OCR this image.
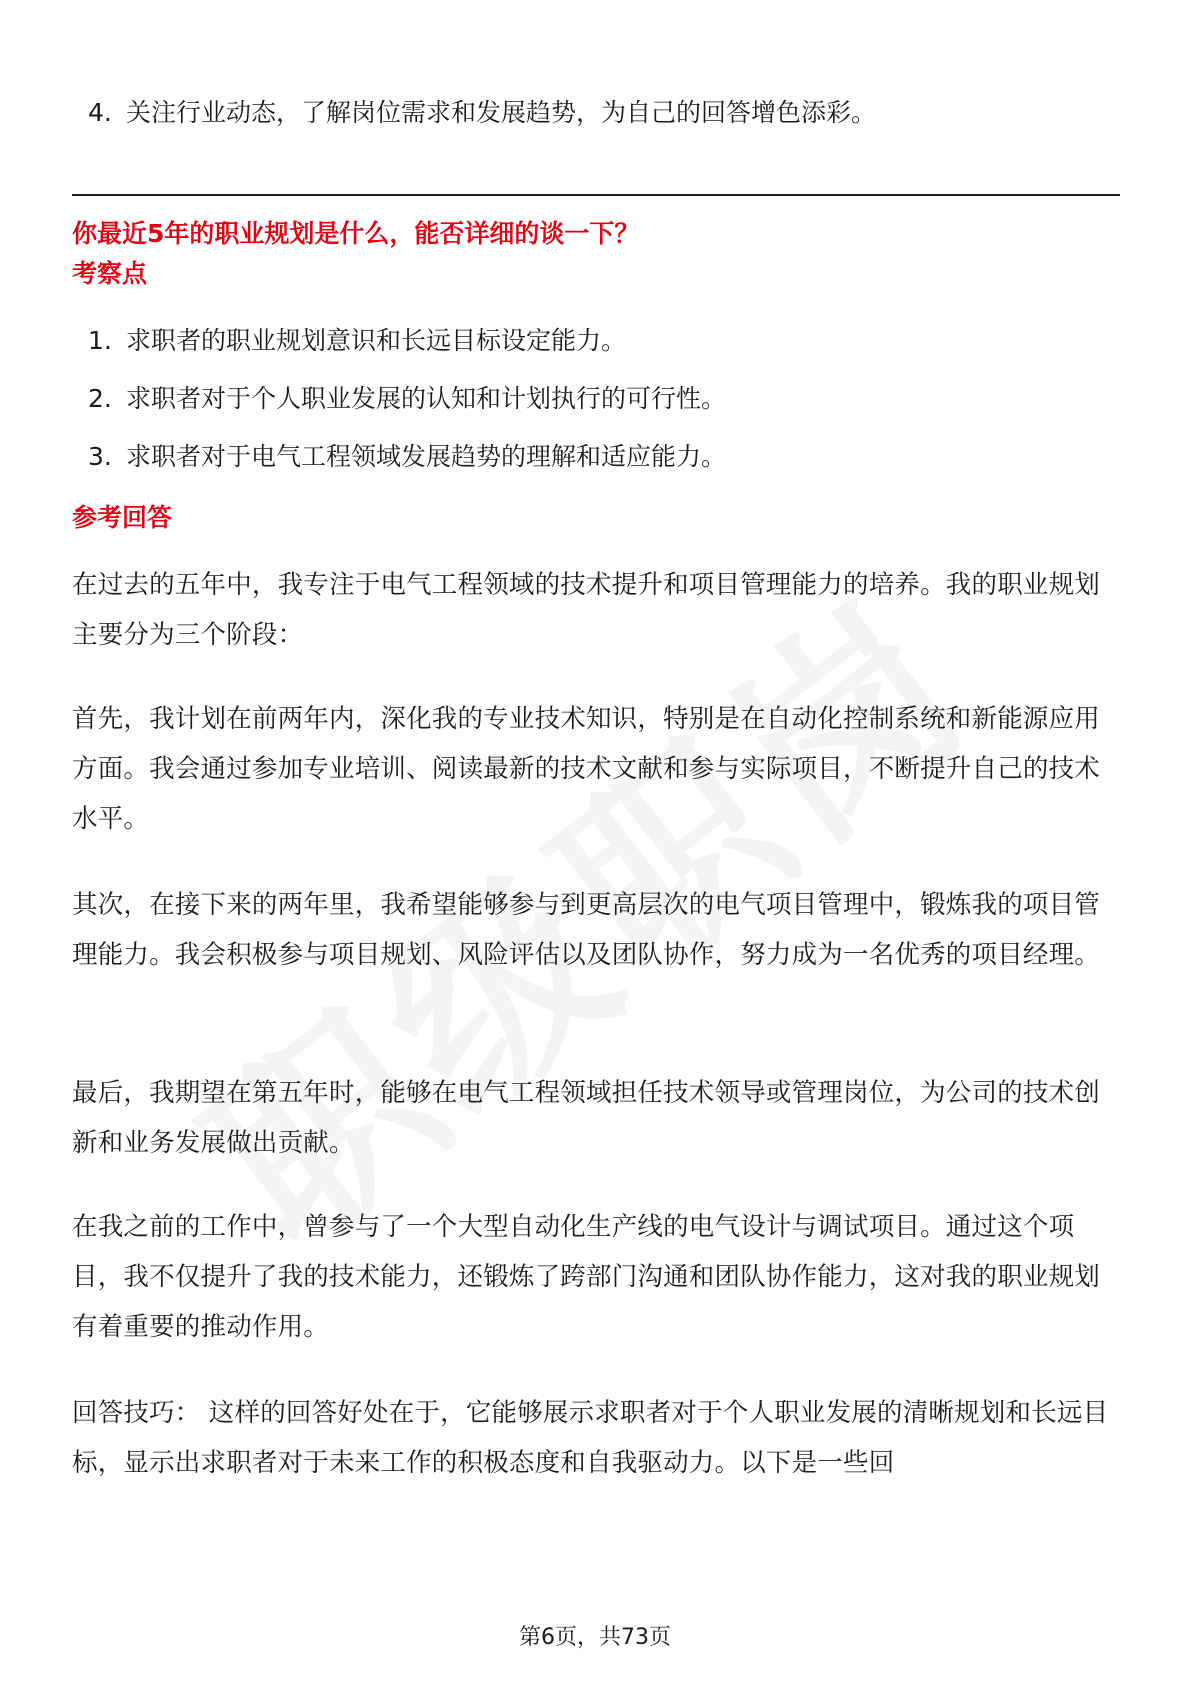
4. 关注行业动态，了解岗位需求和发展趋势，为自己的回答增色添彩。
你最近5年的职业规划是什么，能否详细的谈一下？
考察点
1. 求职者的职业规划意识和长远目标设定能力。
2. 求职者对于个人职业发展的认知和计划执行的可行性。
3. 求职者对于电气工程领域发展趋势的理解和适应能力。
参考回答

在过去的五年中，我专注于电气工程领域的技术提升和项目管理能力的培养。我的职业规划主要分为三个阶段：

首先，我计划在前两年内，深化我的专业技术知识，特别是在自动化控制系统和新能源应用方面。我会通过参加专业培训、阅读最新的技术文献和参与实际项目，不断提升自己的技术水平。

其次，在接下来的两年里，我希望能够参与到更高层次的电气项目管理中，锻炼我的项目管理能力。我会积极参与项目规划、风险评估以及团队协作，努力成为一名优秀的项目经理。

最后，我期望在第五年时，能够在电气工程领域担任技术领导或管理岗位，为公司的技术创新和业务发展做出贡献。

在我之前的工作中，曾参与了一个大型自动化生产线的电气设计与调试项目。通过这个项目，我不仅提升了我的技术能力，还锻炼了跨部门沟通和团队协作能力，这对我的职业规划有着重要的推动作用。

回答技巧： 这样的回答好处在于，它能够展示求职者对于个人职业发展的清晰规划和长远目标，显示出求职者对于未来工作的积极态度和自我驱动力。以下是一些回

第6页，共73页
